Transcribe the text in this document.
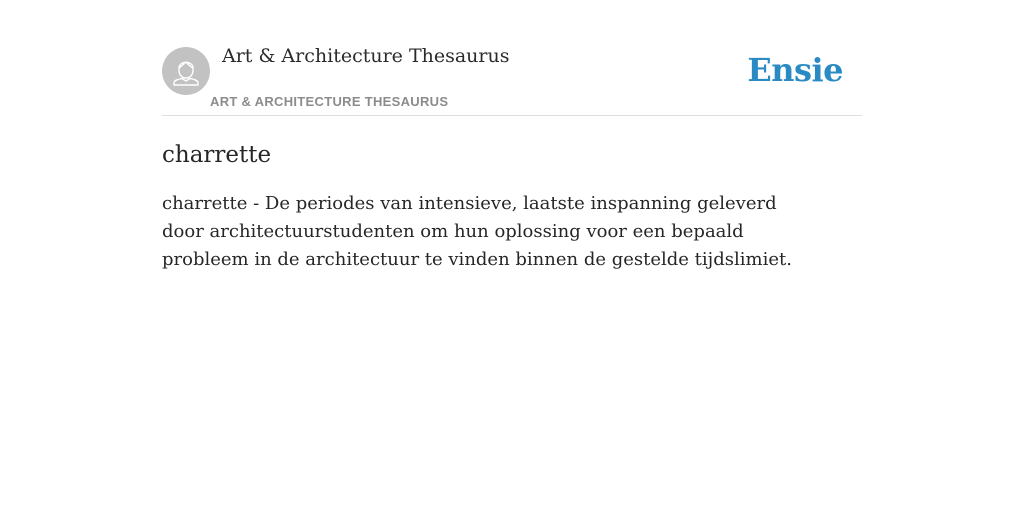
Art & Architecture Thesaurus
ART & ARCHITECTURE THESAURUS
Ensie
charrette

charrette - De periodes van intensieve, laatste inspanning geleverd door architectuurstudenten om hun oplossing voor een bepaald probleem in de architectuur te vinden binnen de gestelde tijdslimiet.
